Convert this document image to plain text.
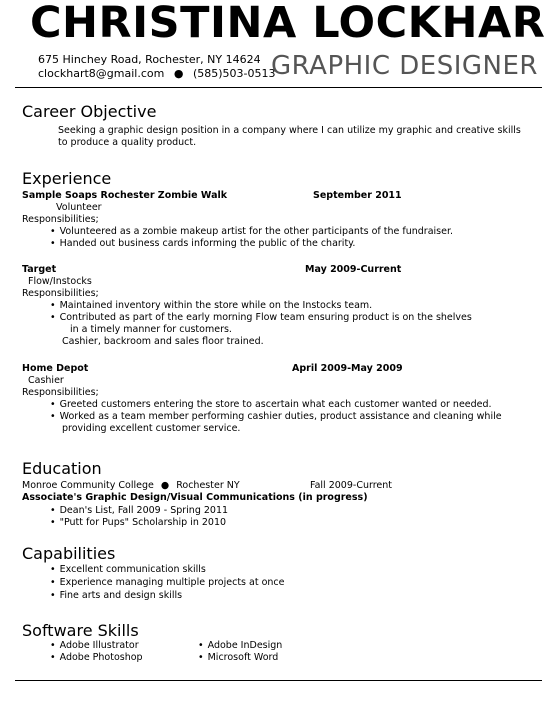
CHRISTINA LOCKHAR
675 Hinchey Road, Rochester, NY 14624
clockhart8@gmail.com ● (585)503-0513
GRAPHIC DESIGNER
Career Objective
Seeking a graphic design position in a company where I can utilize my graphic and creative skills
to produce a quality product.
Experience
Sample Soaps Rochester Zombie Walk	September 2011
Volunteer
Responsibilities;
• Volunteered as a zombie makeup artist for the other participants of the fundraiser.
• Handed out business cards informing the public of the charity.
Target	May 2009-Current
Flow/Instocks
Responsibilities;
• Maintained inventory within the store while on the Instocks team.
• Contributed as part of the early morning Flow team ensuring product is on the shelves
in a timely manner for customers.
Cashier, backroom and sales floor trained.
Home Depot	April 2009-May 2009
Cashier
Responsibilities;
• Greeted customers entering the store to ascertain what each customer wanted or needed.
• Worked as a team member performing cashier duties, product assistance and cleaning while
providing excellent customer service.
Education
Monroe Community College ● Rochester NY	Fall 2009-Current
Associate's Graphic Design/Visual Communications (in progress)
• Dean's List, Fall 2009 - Spring 2011
• "Putt for Pups" Scholarship in 2010
Capabilities
• Excellent communication skills
• Experience managing multiple projects at once
• Fine arts and design skills
Software Skills
• Adobe Illustrator
• Adobe Photoshop
• Adobe InDesign
• Microsoft Word
